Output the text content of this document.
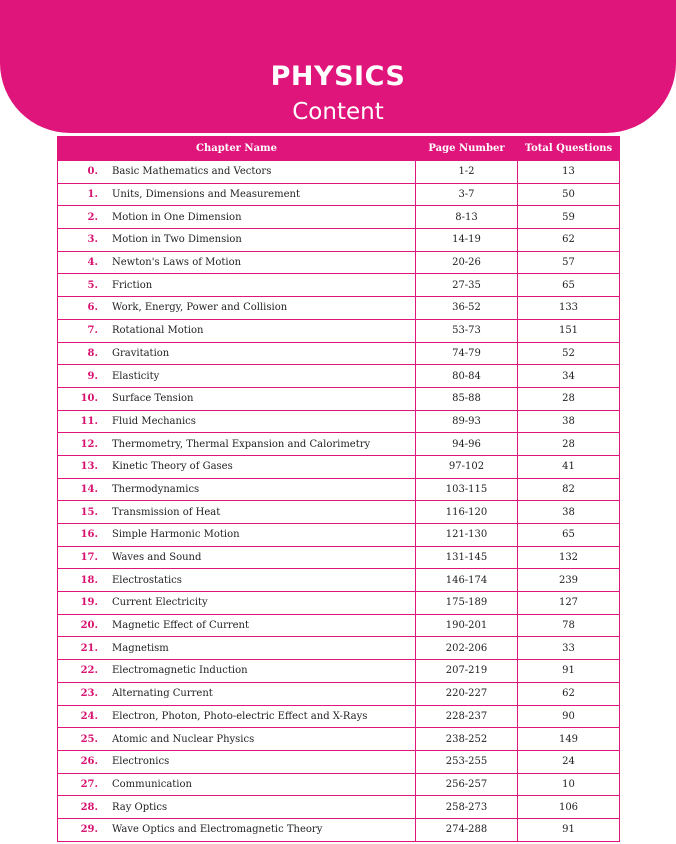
PHYSICS
Content
Chapter Name	Page Number	Total Questions
0. Basic Mathematics and Vectors	1-2	13
1. Units, Dimensions and Measurement	3-7	50
2. Motion in One Dimension	8-13	59
3. Motion in Two Dimension	14-19	62
4. Newton's Laws of Motion	20-26	57
5. Friction	27-35	65
6. Work, Energy, Power and Collision	36-52	133
7. Rotational Motion	53-73	151
8. Gravitation	74-79	52
9. Elasticity	80-84	34
10. Surface Tension	85-88	28
11. Fluid Mechanics	89-93	38
12. Thermometry, Thermal Expansion and Calorimetry	94-96	28
13. Kinetic Theory of Gases	97-102	41
14. Thermodynamics	103-115	82
15. Transmission of Heat	116-120	38
16. Simple Harmonic Motion	121-130	65
17. Waves and Sound	131-145	132
18. Electrostatics	146-174	239
19. Current Electricity	175-189	127
20. Magnetic Effect of Current	190-201	78
21. Magnetism	202-206	33
22. Electromagnetic Induction	207-219	91
23. Alternating Current	220-227	62
24. Electron, Photon, Photo-electric Effect and X-Rays	228-237	90
25. Atomic and Nuclear Physics	238-252	149
26. Electronics	253-255	24
27. Communication	256-257	10
28. Ray Optics	258-273	106
29. Wave Optics and Electromagnetic Theory	274-288	91
